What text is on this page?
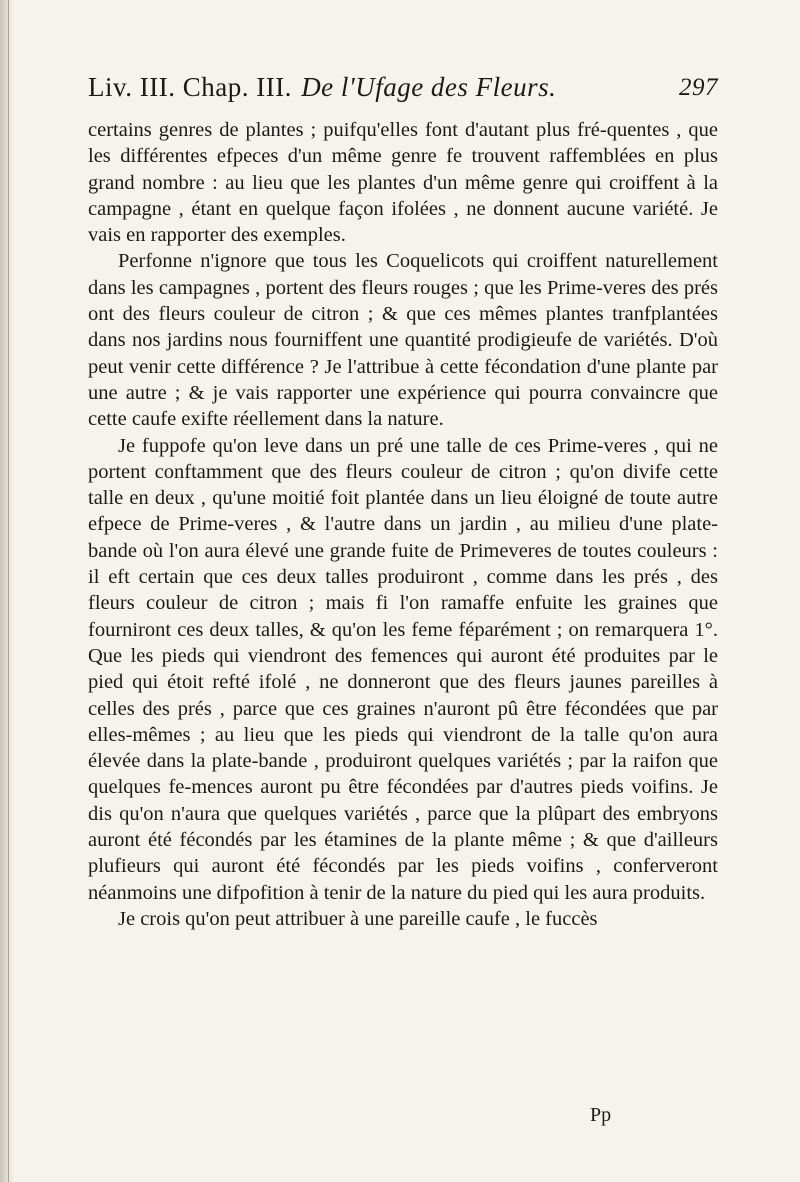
Liv. III. Chap. III. De l'Ufage des Fleurs.	297

certains genres de plantes ; puifqu'elles font d'autant plus fré-quentes , que les différentes efpeces d'un même genre fe trouvent raffemblées en plus grand nombre : au lieu que les plantes d'un même genre qui croiffent à la campagne , étant en quelque façon ifolées , ne donnent aucune variété. Je vais en rapporter des exemples.

Perfonne n'ignore que tous les Coquelicots qui croiffent naturellement dans les campagnes , portent des fleurs rouges ; que les Prime-veres des prés ont des fleurs couleur de citron ; & que ces mêmes plantes tranfplantées dans nos jardins nous fourniffent une quantité prodigieufe de variétés. D'où peut venir cette différence ? Je l'attribue à cette fécondation d'une plante par une autre ; & je vais rapporter une expérience qui pourra convaincre que cette caufe exifte réellement dans la nature.

Je fuppofe qu'on leve dans un pré une talle de ces Prime-veres , qui ne portent conftamment que des fleurs couleur de citron ; qu'on divife cette talle en deux , qu'une moitié foit plantée dans un lieu éloigné de toute autre efpece de Prime-veres , & l'autre dans un jardin , au milieu d'une plate-bande où l'on aura élevé une grande fuite de Primeveres de toutes couleurs : il eft certain que ces deux talles produiront , comme dans les prés , des fleurs couleur de citron ; mais fi l'on ramaffe enfuite les graines que fourniront ces deux talles, & qu'on les feme féparément ; on remarquera 1°. Que les pieds qui viendront des femences qui auront été produites par le pied qui étoit refté ifolé , ne donneront que des fleurs jaunes pareilles à celles des prés , parce que ces graines n'auront pû être fécondées que par elles-mêmes ; au lieu que les pieds qui viendront de la talle qu'on aura élevée dans la plate-bande , produiront quelques variétés ; par la raifon que quelques fe-mences auront pu être fécondées par d'autres pieds voifins. Je dis qu'on n'aura que quelques variétés , parce que la plûpart des embryons auront été fécondés par les étamines de la plante même ; & que d'ailleurs plufieurs qui auront été fécondés par les pieds voifins , conferveront néanmoins une difpofition à tenir de la nature du pied qui les aura produits.

Je crois qu'on peut attribuer à une pareille caufe , le fuccès

Pp
